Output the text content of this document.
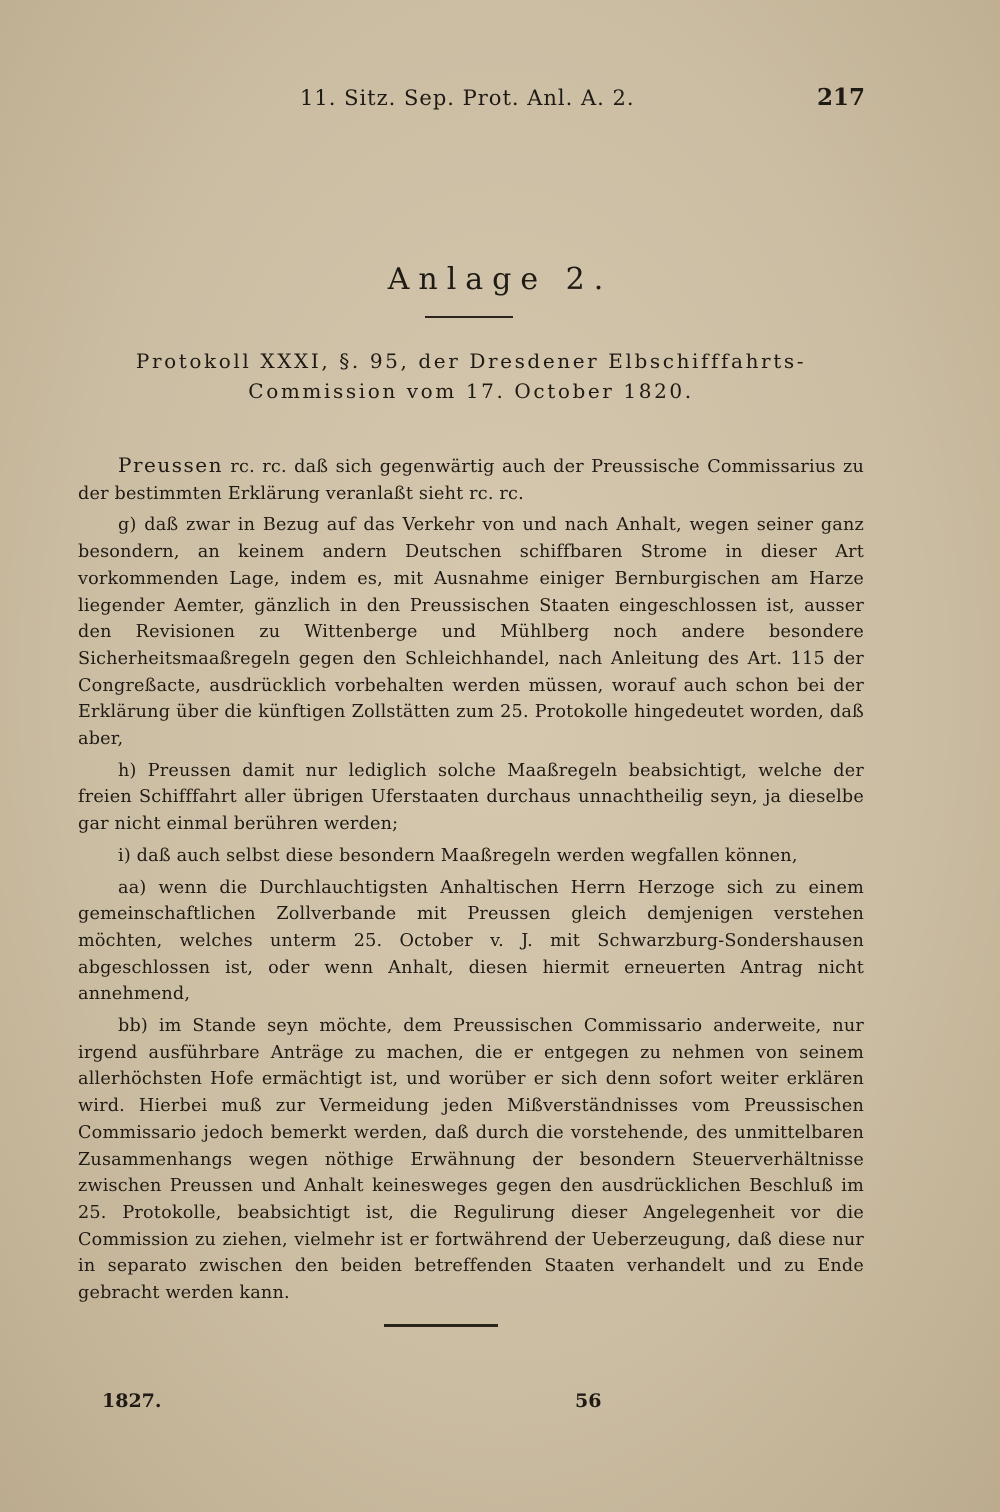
11. Sitz. Sep. Prot. Anl. A. 2.	217
Anlage 2.
Protokoll XXXI, §. 95, der Dresdener Elbschifffahrts-Commission vom 17. October 1820.

Preussen rc. rc. daß sich gegenwärtig auch der Preussische Commissarius zu der bestimmten Erklärung veranlaßt sieht rc. rc.

g) daß zwar in Bezug auf das Verkehr von und nach Anhalt, wegen seiner ganz besondern, an keinem andern Deutschen schiffbaren Strome in dieser Art vorkommenden Lage, indem es, mit Ausnahme einiger Bernburgischen am Harze liegender Aemter, gänzlich in den Preussischen Staaten eingeschlossen ist, ausser den Revisionen zu Wittenberge und Mühlberg noch andere besondere Sicherheitsmaaßregeln gegen den Schleichhandel, nach Anleitung des Art. 115 der Congreßacte, ausdrücklich vorbehalten werden müssen, worauf auch schon bei der Erklärung über die künftigen Zollstätten zum 25. Protokolle hingedeutet worden, daß aber,

h) Preussen damit nur lediglich solche Maaßregeln beabsichtigt, welche der freien Schifffahrt aller übrigen Uferstaaten durchaus unnachtheilig seyn, ja dieselbe gar nicht einmal berühren werden;

i) daß auch selbst diese besondern Maaßregeln werden wegfallen können,

aa) wenn die Durchlauchtigsten Anhaltischen Herrn Herzoge sich zu einem gemeinschaftlichen Zollverbande mit Preussen gleich demjenigen verstehen möchten, welches unterm 25. October v. J. mit Schwarzburg-Sondershausen abgeschlossen ist, oder wenn Anhalt, diesen hiermit erneuerten Antrag nicht annehmend,

bb) im Stande seyn möchte, dem Preussischen Commissario anderweite, nur irgend ausführbare Anträge zu machen, die er entgegen zu nehmen von seinem allerhöchsten Hofe ermächtigt ist, und worüber er sich denn sofort weiter erklären wird. Hierbei muß zur Vermeidung jeden Mißverständnisses vom Preussischen Commissario jedoch bemerkt werden, daß durch die vorstehende, des unmittelbaren Zusammenhangs wegen nöthige Erwähnung der besondern Steuerverhältnisse zwischen Preussen und Anhalt keinesweges gegen den ausdrücklichen Beschluß im 25. Protokolle, beabsichtigt ist, die Regulirung dieser Angelegenheit vor die Commission zu ziehen, vielmehr ist er fortwährend der Ueberzeugung, daß diese nur in separato zwischen den beiden betreffenden Staaten verhandelt und zu Ende gebracht werden kann.

1827.	56
